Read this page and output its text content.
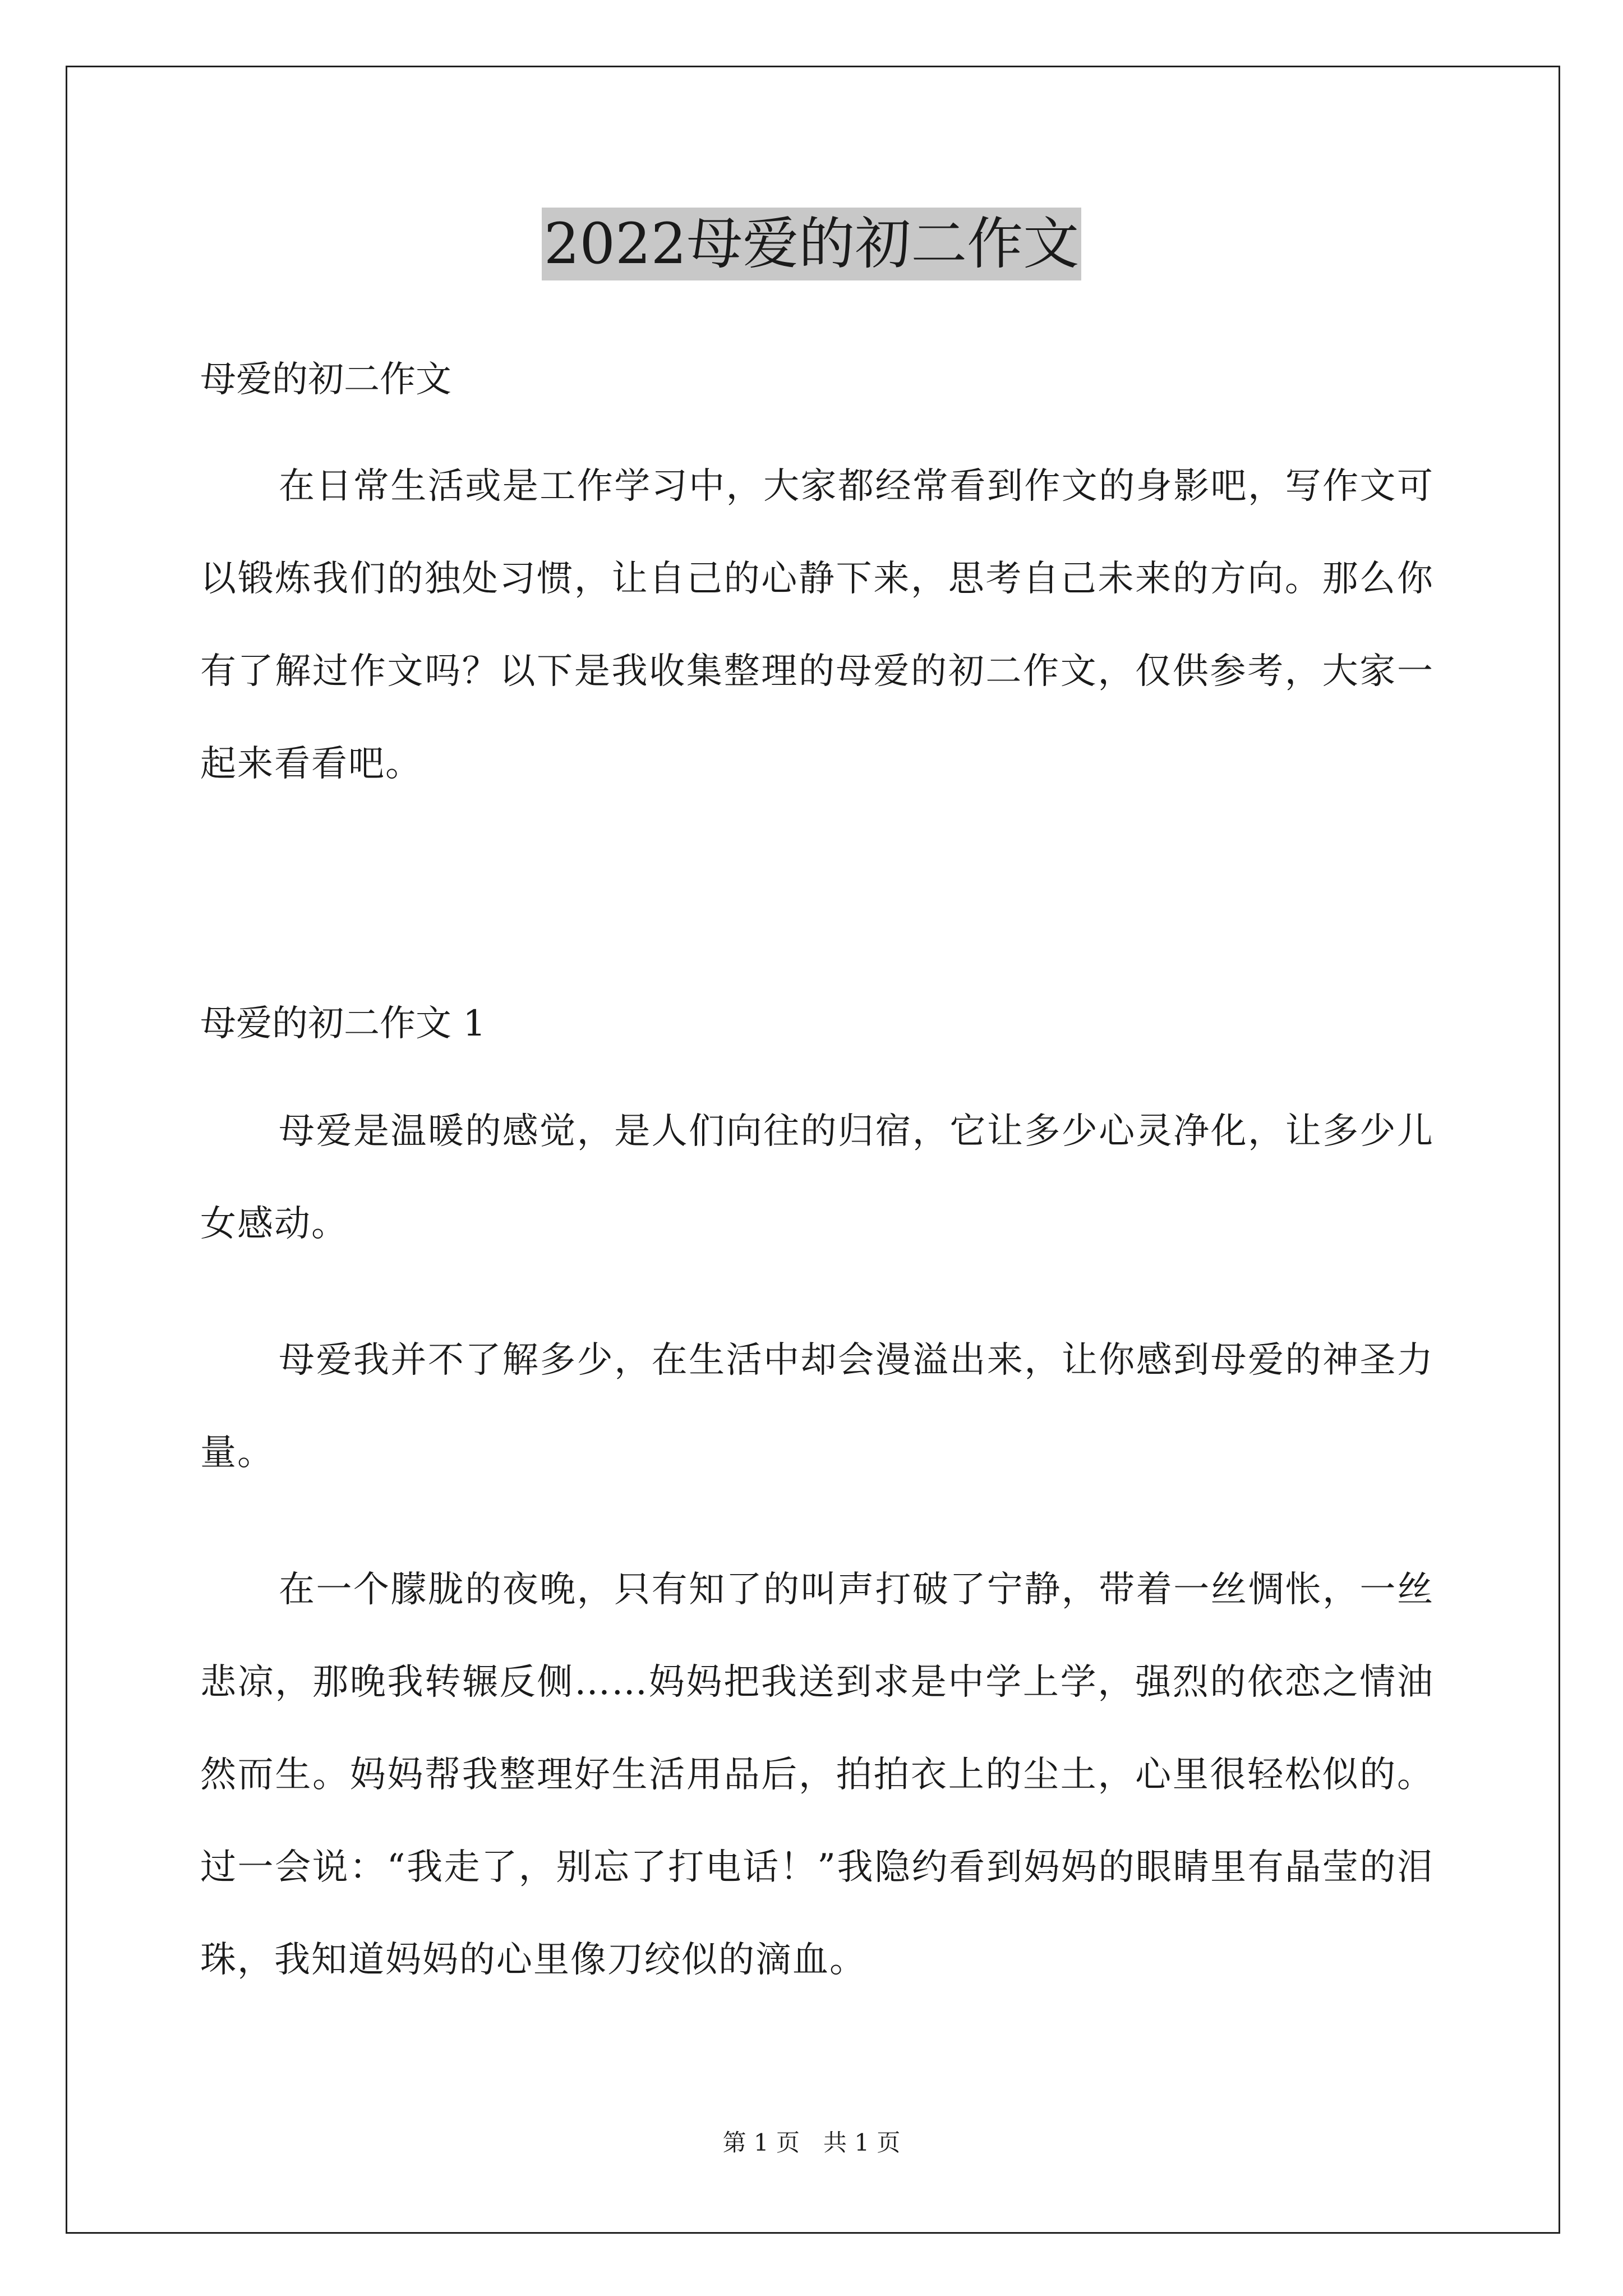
2022母爱的初二作文
母爱的初二作文
在日常生活或是工作学习中，大家都经常看到作文的身影吧，写作文可以锻炼我们的独处习惯，让自己的心静下来，思考自己未来的方向。那么你有了解过作文吗？以下是我收集整理的母爱的初二作文，仅供参考，大家一起来看看吧。
母爱的初二作文 1
母爱是温暖的感觉，是人们向往的归宿，它让多少心灵净化，让多少儿女感动。
母爱我并不了解多少，在生活中却会漫溢出来，让你感到母爱的神圣力量。
在一个朦胧的夜晚，只有知了的叫声打破了宁静，带着一丝惆怅，一丝悲凉，那晚我转辗反侧……妈妈把我送到求是中学上学，强烈的依恋之情油然而生。妈妈帮我整理好生活用品后，拍拍衣上的尘土，心里很轻松似的。过一会说：“我走了，别忘了打电话！”我隐约看到妈妈的眼睛里有晶莹的泪珠，我知道妈妈的心里像刀绞似的滴血。
第 1 页　共 1 页
